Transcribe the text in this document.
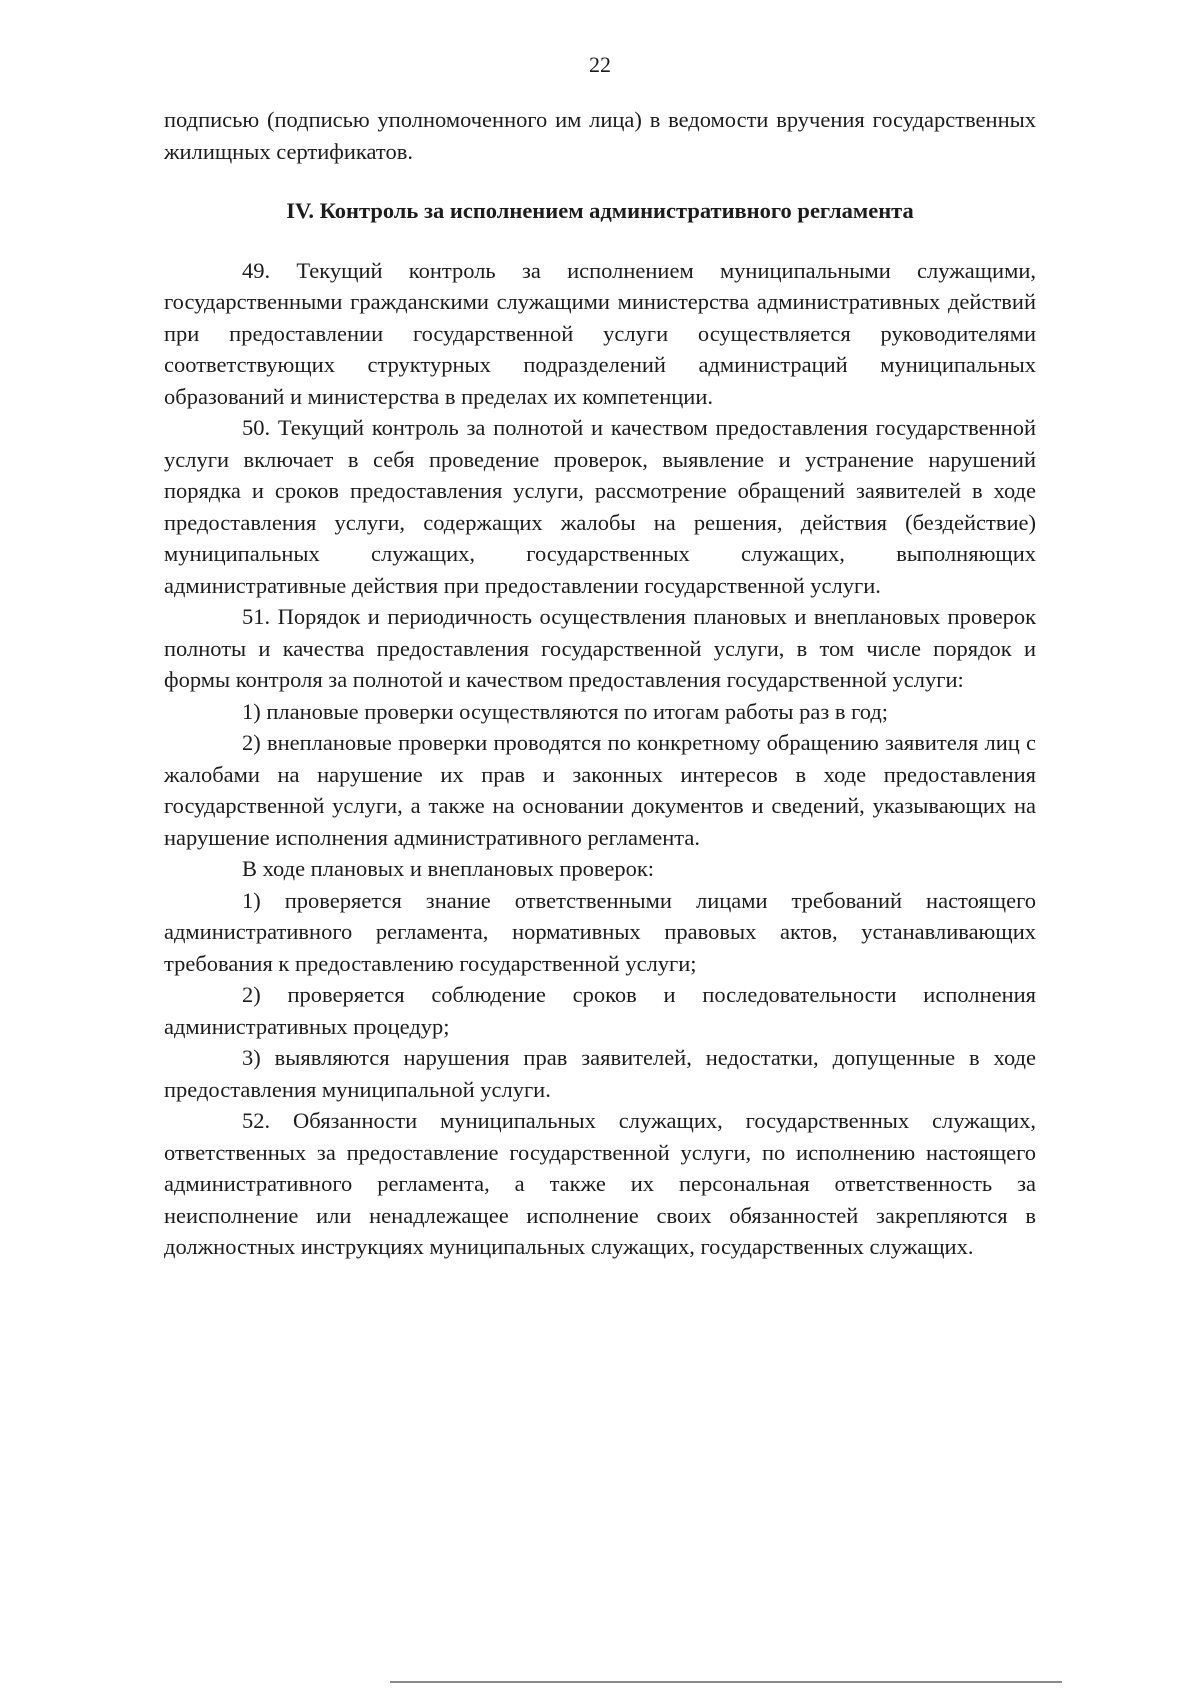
22

подписью (подписью уполномоченного им лица) в ведомости вручения государственных жилищных сертификатов.

IV. Контроль за исполнением административного регламента

49. Текущий контроль за исполнением муниципальными служащими, государственными гражданскими служащими министерства административных действий при предоставлении государственной услуги осуществляется руководителями соответствующих структурных подразделений администраций муниципальных образований и министерства в пределах их компетенции.

50. Текущий контроль за полнотой и качеством предоставления государственной услуги включает в себя проведение проверок, выявление и устранение нарушений порядка и сроков предоставления услуги, рассмотрение обращений заявителей в ходе предоставления услуги, содержащих жалобы на решения, действия (бездействие) муниципальных служащих, государственных служащих, выполняющих административные действия при предоставлении государственной услуги.

51. Порядок и периодичность осуществления плановых и внеплановых проверок полноты и качества предоставления государственной услуги, в том числе порядок и формы контроля за полнотой и качеством предоставления государственной услуги:

1) плановые проверки осуществляются по итогам работы раз в год;

2) внеплановые проверки проводятся по конкретному обращению заявителя лиц с жалобами на нарушение их прав и законных интересов в ходе предоставления государственной услуги, а также на основании документов и сведений, указывающих на нарушение исполнения административного регламента.

В ходе плановых и внеплановых проверок:

1) проверяется знание ответственными лицами требований настоящего административного регламента, нормативных правовых актов, устанавливающих требования к предоставлению государственной услуги;

2) проверяется соблюдение сроков и последовательности исполнения административных процедур;

3) выявляются нарушения прав заявителей, недостатки, допущенные в ходе предоставления муниципальной услуги.

52. Обязанности муниципальных служащих, государственных служащих, ответственных за предоставление государственной услуги, по исполнению настоящего административного регламента, а также их персональная ответственность за неисполнение или ненадлежащее исполнение своих обязанностей закрепляются в должностных инструкциях муниципальных служащих, государственных служащих.
